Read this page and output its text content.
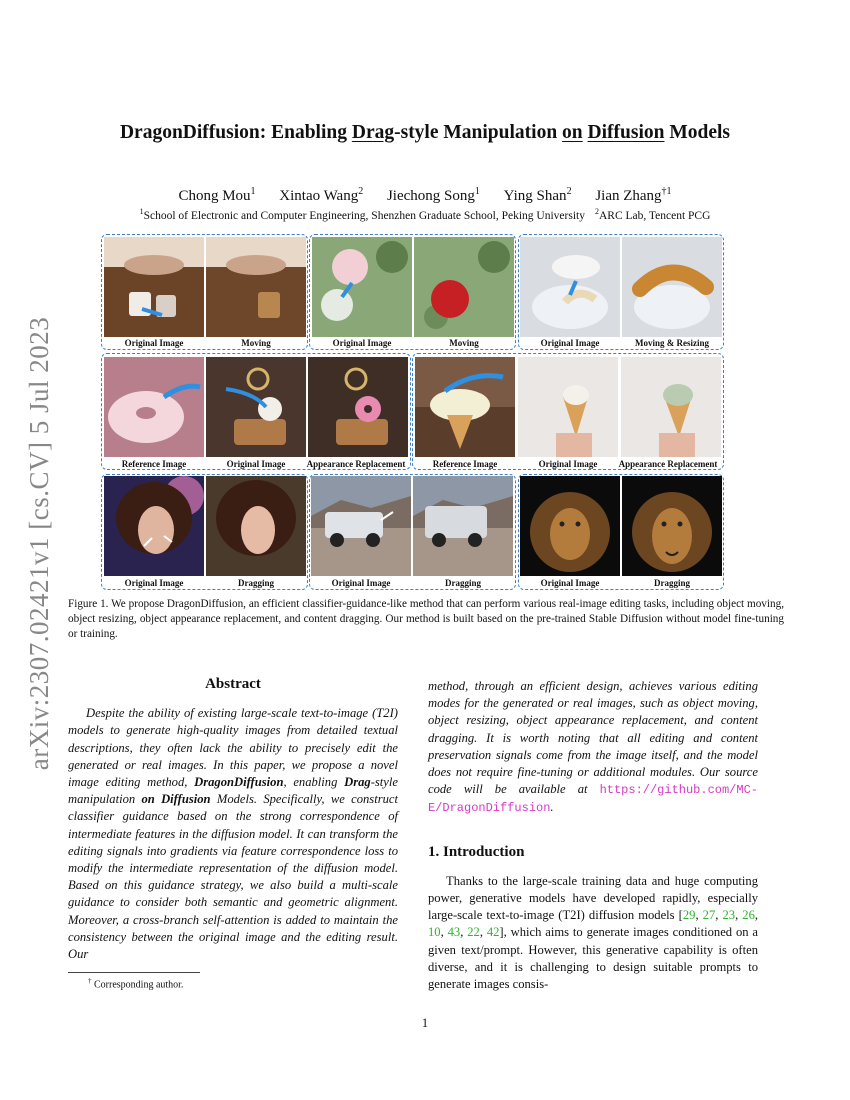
arXiv:2307.02421v1 [cs.CV] 5 Jul 2023
DragonDiffusion: Enabling Drag-style Manipulation on Diffusion Models
Chong Mou$^1$ Xintao Wang$^2$ Jiechong Song$^1$ Ying Shan$^2$ Jian Zhang$^{\dagger 1}$
$^1$School of Electronic and Computer Engineering, Shenzhen Graduate School, Peking University $^2$ARC Lab, Tencent PCG
Original Image	Moving	Original Image	Moving	Original Image	Moving & Resizing
Reference Image	Original Image	Appearance Replacement	Reference Image	Original Image	Appearance Replacement
Original Image	Dragging	Original Image	Dragging	Original Image	Dragging
Figure 1. We propose DragonDiffusion, an efficient classifier-guidance-like method that can perform various real-image editing tasks, including object moving, object resizing, object appearance replacement, and content dragging. Our method is built based on the pre-trained Stable Diffusion without model fine-tuning or training.
Abstract

Despite the ability of existing large-scale text-to-image (T2I) models to generate high-quality images from detailed textual descriptions, they often lack the ability to precisely edit the generated or real images. In this paper, we propose a novel image editing method, DragonDiffusion, enabling Drag-style manipulation on Diffusion Models. Specifically, we construct classifier guidance based on the strong correspondence of intermediate features in the diffusion model. It can transform the editing signals into gradients via feature correspondence loss to modify the intermediate representation of the diffusion model. Based on this guidance strategy, we also build a multi-scale guidance to consider both semantic and geometric alignment. Moreover, a cross-branch self-attention is added to maintain the consistency between the original image and the editing result. Our

† Corresponding author.

method, through an efficient design, achieves various editing modes for the generated or real images, such as object moving, object resizing, object appearance replacement, and content dragging. It is worth noting that all editing and content preservation signals come from the image itself, and the model does not require fine-tuning or additional modules. Our source code will be available at https://github.com/MC-E/DragonDiffusion.

1. Introduction

Thanks to the large-scale training data and huge computing power, generative models have developed rapidly, especially large-scale text-to-image (T2I) diffusion models [29, 27, 23, 26, 10, 43, 22, 42], which aims to generate images conditioned on a given text/prompt. However, this generative capability is often diverse, and it is challenging to design suitable prompts to generate images consis-

1
